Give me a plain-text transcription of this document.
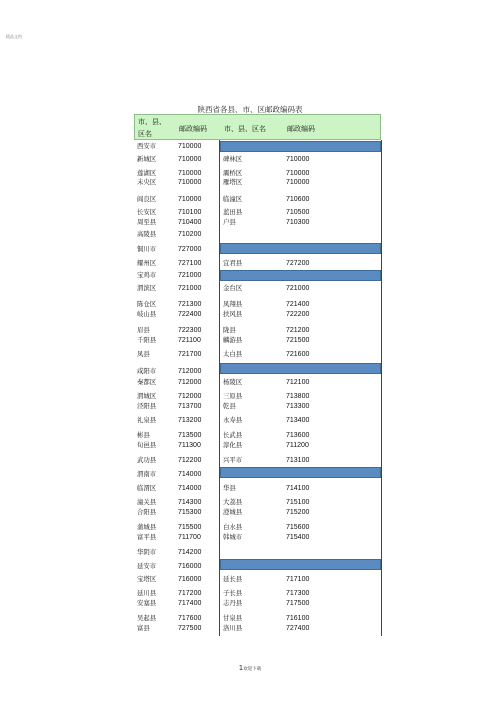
精品文档
陕西省各县、市、区邮政编码表
市、县、
区名
邮政编码 市、县、区名	邮政编码
西安市	710000
新城区	710000	碑林区	710000
莲湖区	710000	灞桥区	710000
未央区	710000	雁塔区	710000
阎良区	710000	临潼区	710600
长安区	710100	蓝田县	710500
周至县	710400	户县	710300
高陵县	710200
铜川市	727000
耀州区	727100	宜君县	727200
宝鸡市	721000
渭滨区	721000	金台区	721000
陈仓区	721300	凤翔县	721400
岐山县	722400	扶风县	722200
眉县	722300	陇县	721200
千阳县	721100	麟游县	721500
凤县	721700	太白县	721600
咸阳市	712000
秦都区	712000	杨陵区	712100
渭城区	712000	三原县	713800
泾阳县	713700	乾县	713300
礼泉县	713200	永寿县	713400
彬县	713500	长武县	713600
旬邑县	711300	淳化县	711200
武功县	712200	兴平市	713100
渭南市	714000
临渭区	714000	华县	714100
潼关县	714300	大荔县	715100
合阳县	715300	澄城县	715200
蒲城县	715500	白水县	715600
富平县	711700	韩城市	715400
华阴市	714200
延安市	716000
宝塔区	716000	延长县	717100
延川县	717200	子长县	717300
安塞县	717400	志丹县	717500
吴起县	717600	甘泉县	716100
富县	727500	洛川县	727400
1欢迎下载
